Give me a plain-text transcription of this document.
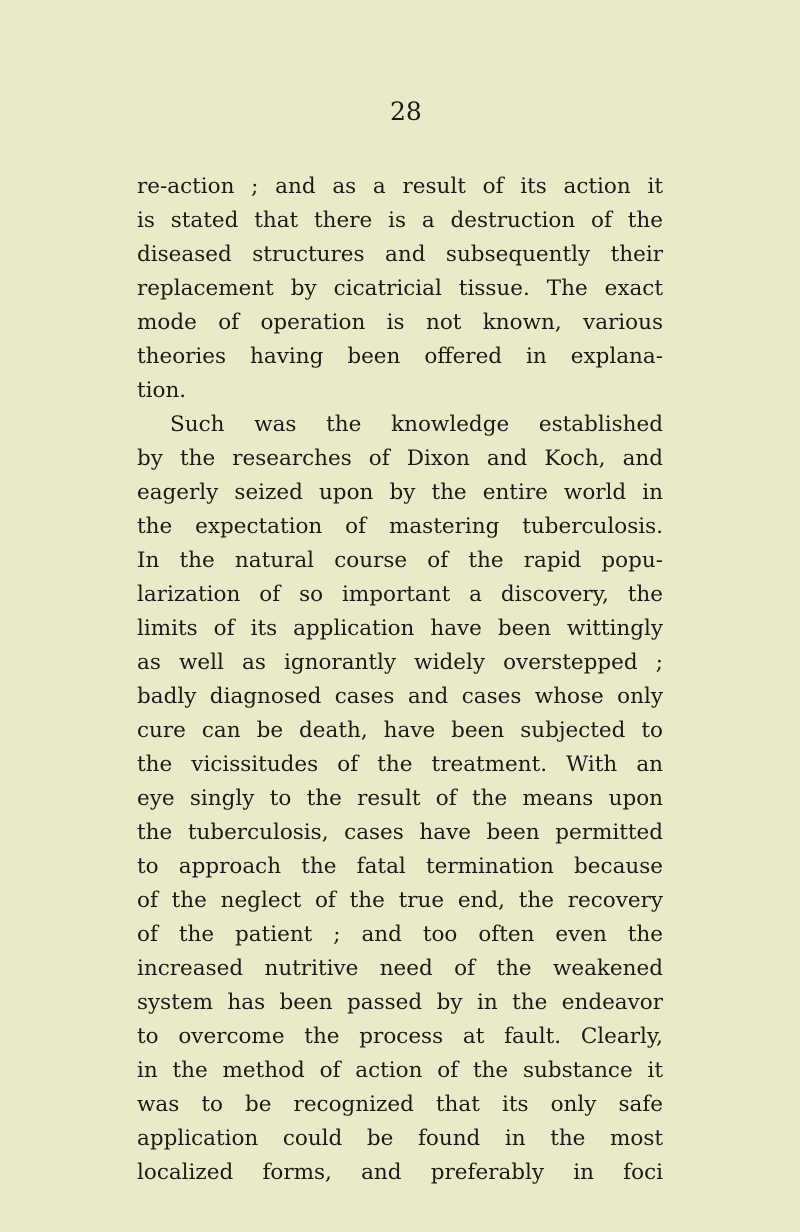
28
re-action ; and as a result of its action it
is stated that there is a destruction of the
diseased structures and subsequently their
replacement by cicatricial tissue. The exact
mode of operation is not known, various
theories having been offered in explana-
tion.
Such was the knowledge established
by the researches of Dixon and Koch, and
eagerly seized upon by the entire world in
the expectation of mastering tuberculosis.
In the natural course of the rapid popu-
larization of so important a discovery, the
limits of its application have been wittingly
as well as ignorantly widely overstepped ;
badly diagnosed cases and cases whose only
cure can be death, have been subjected to
the vicissitudes of the treatment. With an
eye singly to the result of the means upon
the tuberculosis, cases have been permitted
to approach the fatal termination because
of the neglect of the true end, the recovery
of the patient ; and too often even the
increased nutritive need of the weakened
system has been passed by in the endeavor
to overcome the process at fault. Clearly,
in the method of action of the substance it
was to be recognized that its only safe
application could be found in the most
localized forms, and preferably in foci
